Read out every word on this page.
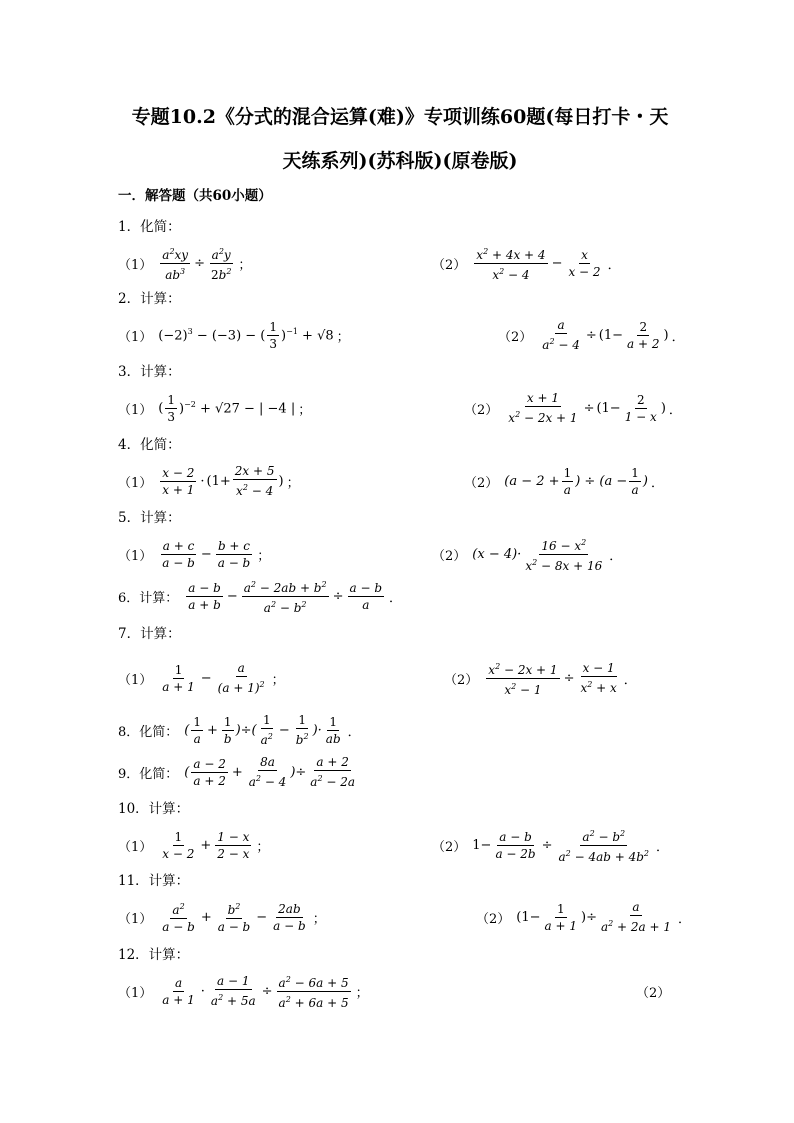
专题10.2《分式的混合运算(难)》专项训练60题(每日打卡・天
天练系列)(苏科版)(原卷版)
一．解答题（共60小题）
1．化简：
$(1) \frac{a^2xy}{ab^3} \div \frac{a^2y}{2b^2}$ ；	$(2) \frac{x^2 + 4x + 4}{x^2 - 4} - \frac{x}{x - 2}$ ．
2．计算：
（1） $(-2)^3 - (-3)$ − ( $\frac{1}{3} )^{-1} + √8$ ；	$(2) \frac{a}{a^2 - 4} \div (1- \frac{2}{a + 2}$ ) ．
3．计算：
（1） ( $\frac{1}{3} )^{-2} + √27$ − | −4 | ；	$(2) \frac{x + 1}{x^2 - 2x + 1} \div (1- \frac{2}{1 - x}$ ) ．
4．化简：
$(1) \frac{x - 2}{x + 1} \cdot (1+ \frac{2x + 5}{x^2 - 4}$ ) ；	（2） ($a - 2 + \frac{1}{a}$ ) ÷ ($a - \frac{1}{a}$ ) ．
5．计算：
$(1) \frac{a + c}{a - b} - \frac{b + c}{a - b}$ ；	（2） $(x - 4)\cdot \frac{16 - x^2}{x^2 - 8x + 16}$ ．
6．计算： $\frac{a - b}{a + b} - \frac{a^2 - 2ab + b^2}{a^2 - b^2} \div \frac{a - b}{a}$ ．
7．计算：
$(1) \frac{1}{a + 1} - \frac{a}{(a + 1)^2}$ ；	$(2) \frac{x^2 - 2x + 1}{x^2 - 1} \div \frac{x - 1}{x^2 + x}$ ．
8．化简： ( $\frac{1}{a} + \frac{1}{b}$ )÷( $\frac{1}{a^2} - \frac{1}{b^2}$ )· $\frac{1}{ab}$ ．
9．化简： ( $\frac{a - 2}{a + 2} + \frac{8a}{a^2 - 4}$ )÷ $\frac{a + 2}{a^2 - 2a}$
10．计算：
$(1) \frac{1}{x - 2} + \frac{1 - x}{2 - x}$ ；	（2） $1- \frac{a - b}{a - 2b} \div \frac{a^2 - b^2}{a^2 - 4ab + 4b^2}$ ．
11．计算：
$(1) \frac{a^2}{a - b} + \frac{b^2}{a - b} - \frac{2ab}{a - b}$ ；	（2） ($1- \frac{1}{a + 1}$ )÷ $\frac{a}{a^2 + 2a + 1}$ ．
12．计算：
$(1) \frac{a}{a + 1} \cdot \frac{a - 1}{a^2 + 5a} \div \frac{a^2 - 6a + 5}{a^2 + 6a + 5}$ ；	（2）
